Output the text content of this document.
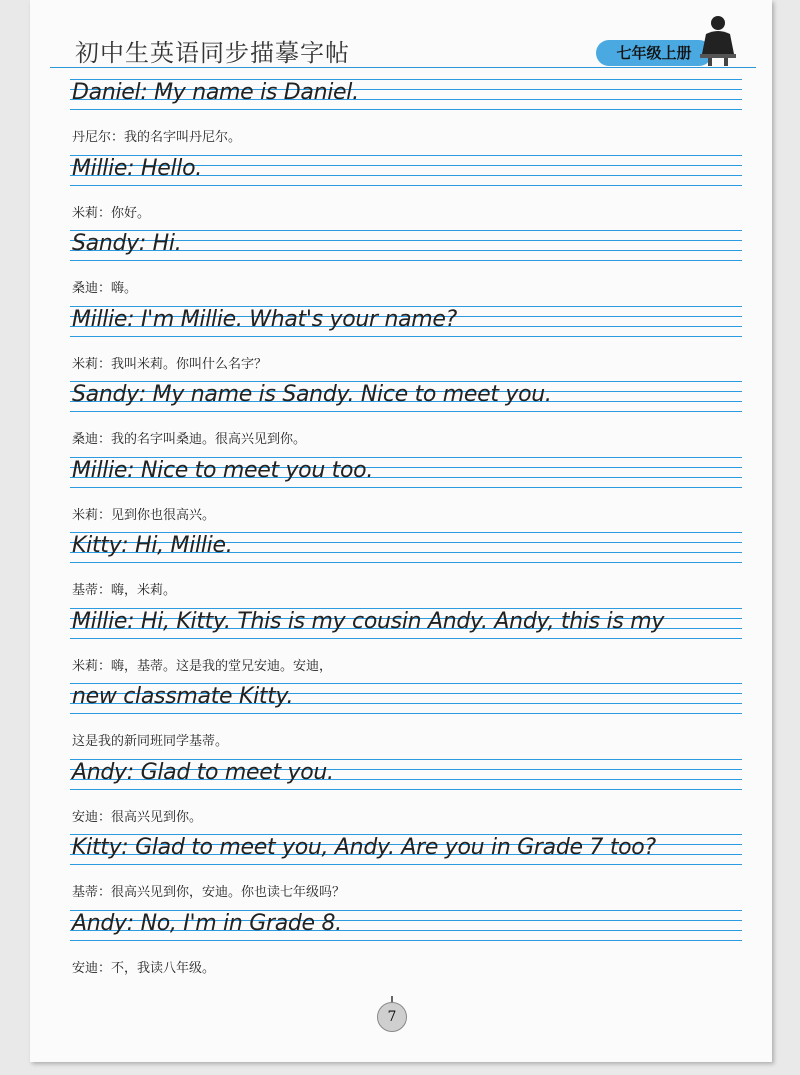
初中生英语同步描摹字帖	七年级上册
Daniel: My name is Daniel.
丹尼尔：我的名字叫丹尼尔。
Millie: Hello.
米莉：你好。
Sandy: Hi.
桑迪：嗨。
Millie: I'm Millie. What's your name?
米莉：我叫米莉。你叫什么名字？
Sandy: My name is Sandy. Nice to meet you.
桑迪：我的名字叫桑迪。很高兴见到你。
Millie: Nice to meet you too.
米莉：见到你也很高兴。
Kitty: Hi, Millie.
基蒂：嗨，米莉。
Millie: Hi, Kitty. This is my cousin Andy. Andy, this is my
米莉：嗨，基蒂。这是我的堂兄安迪。安迪，
new classmate Kitty.
这是我的新同班同学基蒂。
Andy: Glad to meet you.
安迪：很高兴见到你。
Kitty: Glad to meet you, Andy. Are you in Grade 7 too?
基蒂：很高兴见到你，安迪。你也读七年级吗？
Andy: No, I'm in Grade 8.
安迪：不，我读八年级。
7
